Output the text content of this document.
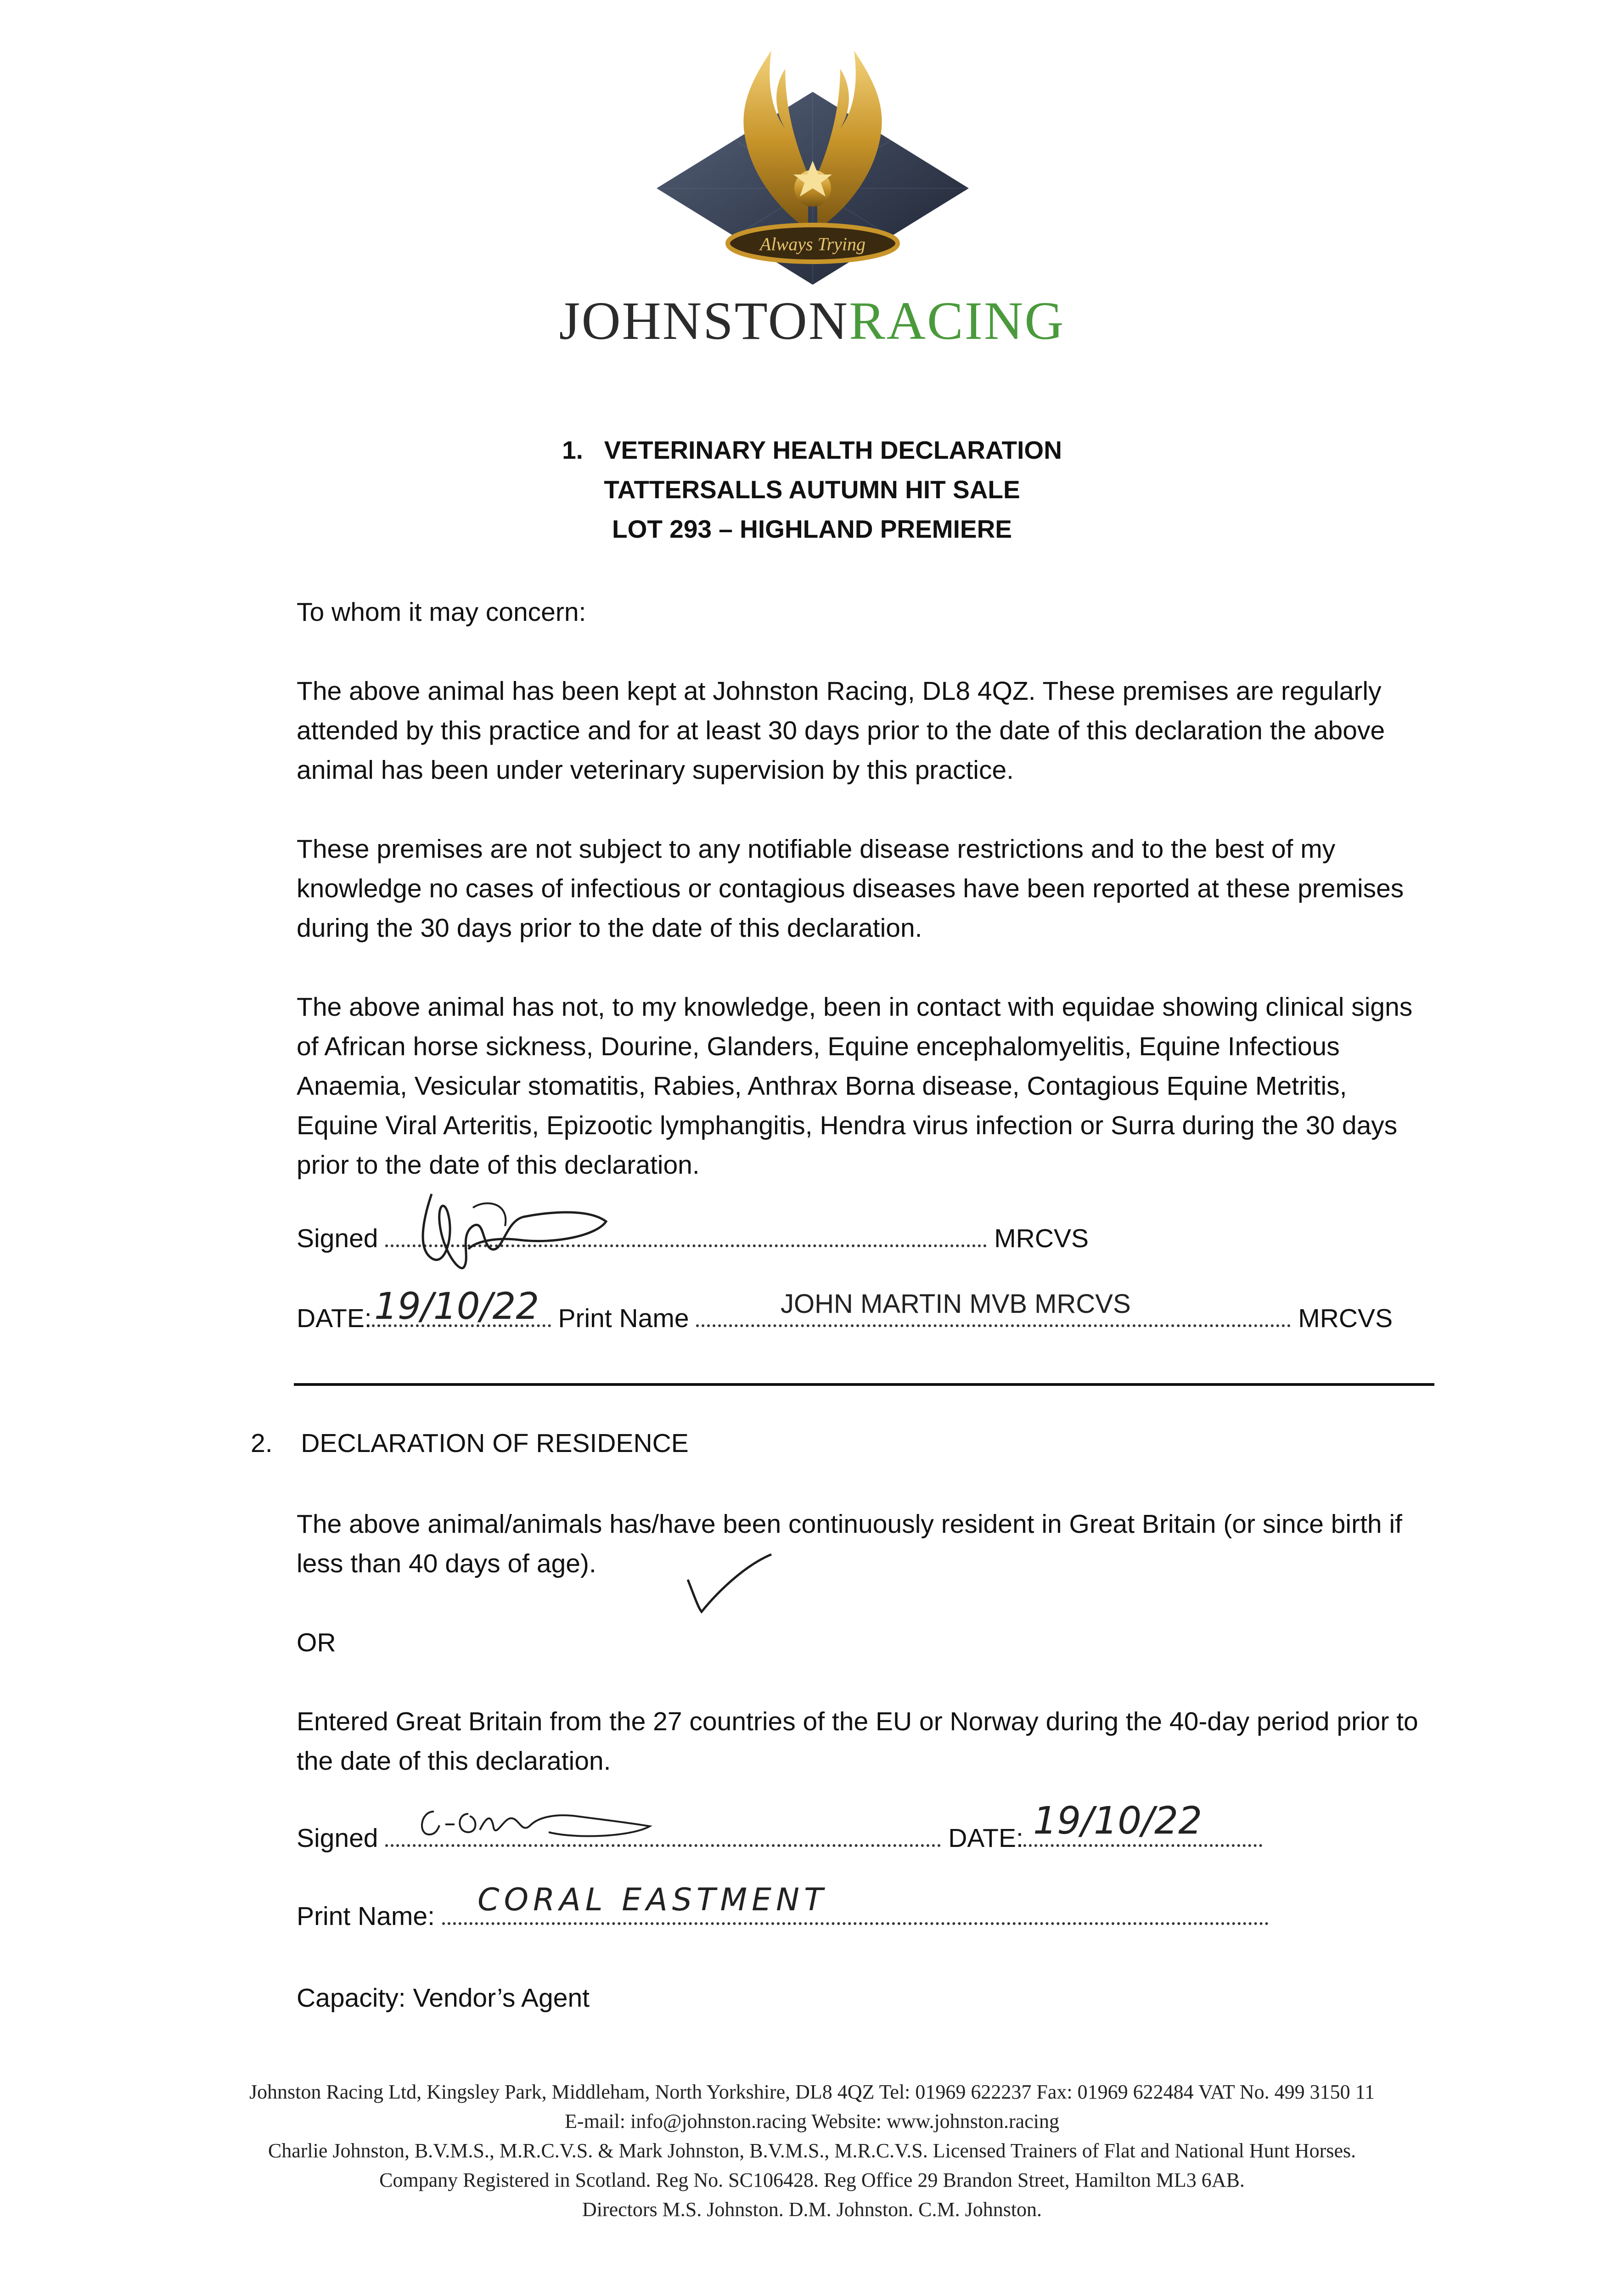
Always Trying
JOHNSTONRACING
1. VETERINARY HEALTH DECLARATION
TATTERSALLS AUTUMN HIT SALE
LOT 293 – HIGHLAND PREMIERE

To whom it may concern:

The above animal has been kept at Johnston Racing, DL8 4QZ. These premises are regularly attended by this practice and for at least 30 days prior to the date of this declaration the above animal has been under veterinary supervision by this practice.

These premises are not subject to any notifiable disease restrictions and to the best of my knowledge no cases of infectious or contagious diseases have been reported at these premises during the 30 days prior to the date of this declaration.

The above animal has not, to my knowledge, been in contact with equidae showing clinical signs of African horse sickness, Dourine, Glanders, Equine encephalomyelitis, Equine Infectious Anaemia, Vesicular stomatitis, Rabies, Anthrax Borna disease, Contagious Equine Metritis, Equine Viral Arteritis, Epizootic lymphangitis, Hendra virus infection or Surra during the 30 days prior to the date of this declaration.

Signed	MRCVS
DATE:	Print Name	MRCVS
19/10/22	JOHN MARTIN MVB MRCVS
2. DECLARATION OF RESIDENCE

The above animal/animals has/have been continuously resident in Great Britain (or since birth if less than 40 days of age).

OR

Entered Great Britain from the 27 countries of the EU or Norway during the 40-day period prior to the date of this declaration.

Signed	DATE: 19/10/22
Print Name:	CORAL EASTMENT

Capacity: Vendor’s Agent

Johnston Racing Ltd, Kingsley Park, Middleham, North Yorkshire, DL8 4QZ Tel: 01969 622237 Fax: 01969 622484 VAT No. 499 3150 11
E-mail: info@johnston.racing Website: www.johnston.racing
Charlie Johnston, B.V.M.S., M.R.C.V.S. & Mark Johnston, B.V.M.S., M.R.C.V.S. Licensed Trainers of Flat and National Hunt Horses.
Company Registered in Scotland. Reg No. SC106428. Reg Office 29 Brandon Street, Hamilton ML3 6AB.
Directors M.S. Johnston. D.M. Johnston. C.M. Johnston.
